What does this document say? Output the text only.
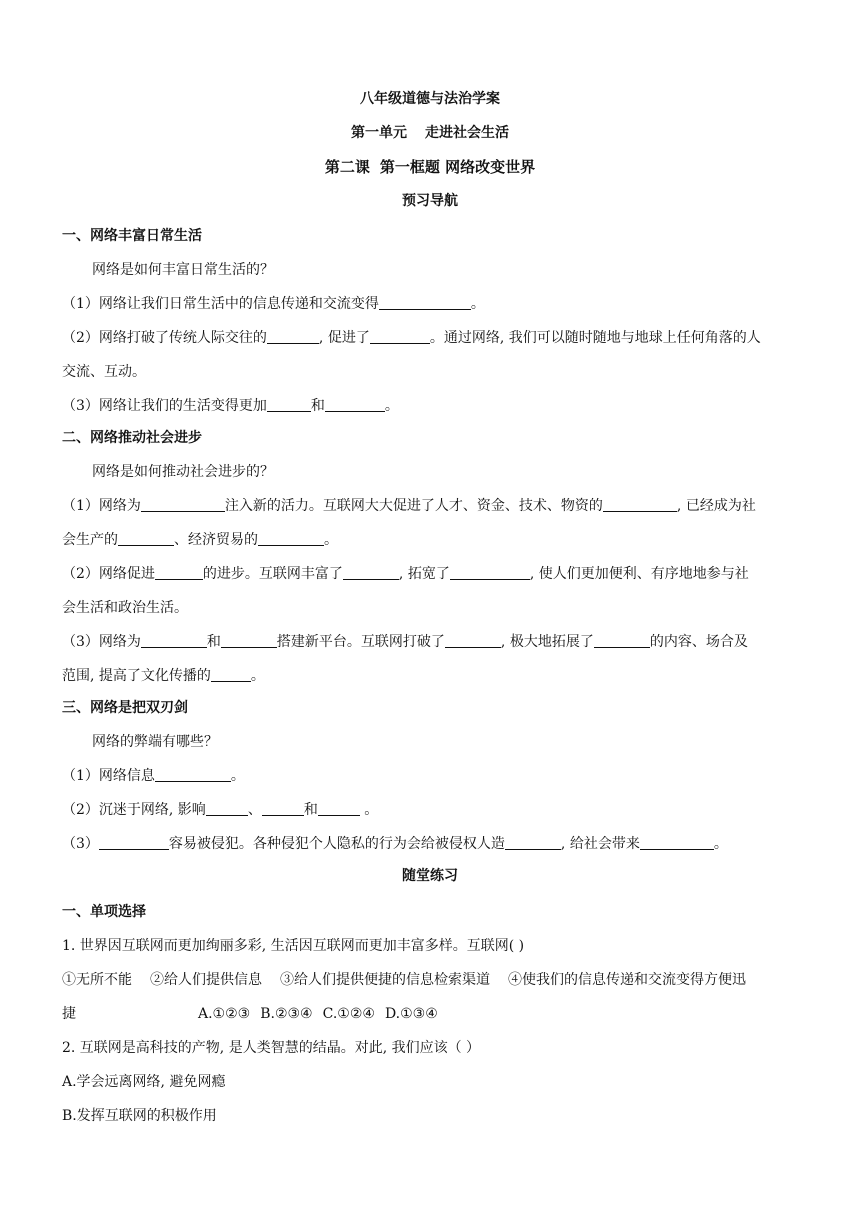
八年级道德与法治学案
第一单元 走进社会生活
第二课 第一框题 网络改变世界
预习导航
一、网络丰富日常生活
网络是如何丰富日常生活的？
（1）网络让我们日常生活中的信息传递和交流变得	。
（2）网络打破了传统人际交往的	, 促进了	。通过网络, 我们可以随时随地与地球上任何角落的人
交流、互动。
（3）网络让我们的生活变得更加	和	。
二、网络推动社会进步
网络是如何推动社会进步的？
（1）网络为	注入新的活力。互联网大大促进了人才、资金、技术、物资的	, 已经成为社
会生产的	、经济贸易的	。
（2）网络促进	的进步。互联网丰富了	, 拓宽了	, 使人们更加便利、有序地地参与社
会生活和政治生活。
（3）网络为	和	搭建新平台。互联网打破了	, 极大地拓展了	的内容、场合及
范围, 提高了文化传播的	。
三、网络是把双刃剑
网络的弊端有哪些？
（1）网络信息	。
（2）沉迷于网络, 影响	、	和	。
（3）	容易被侵犯。各种侵犯个人隐私的行为会给被侵权人造	, 给社会带来	。
随堂练习
一、单项选择
1. 世界因互联网而更加绚丽多彩, 生活因互联网而更加丰富多样。互联网( )
①无所不能 ②给人们提供信息 ③给人们提供便捷的信息检索渠道 ④使我们的信息传递和交流变得方便迅
捷	A.①②③ B.②③④ C.①②④ D.①③④
2. 互联网是高科技的产物, 是人类智慧的结晶。对此, 我们应该（ ）
A.学会远离网络, 避免网瘾
B.发挥互联网的积极作用
